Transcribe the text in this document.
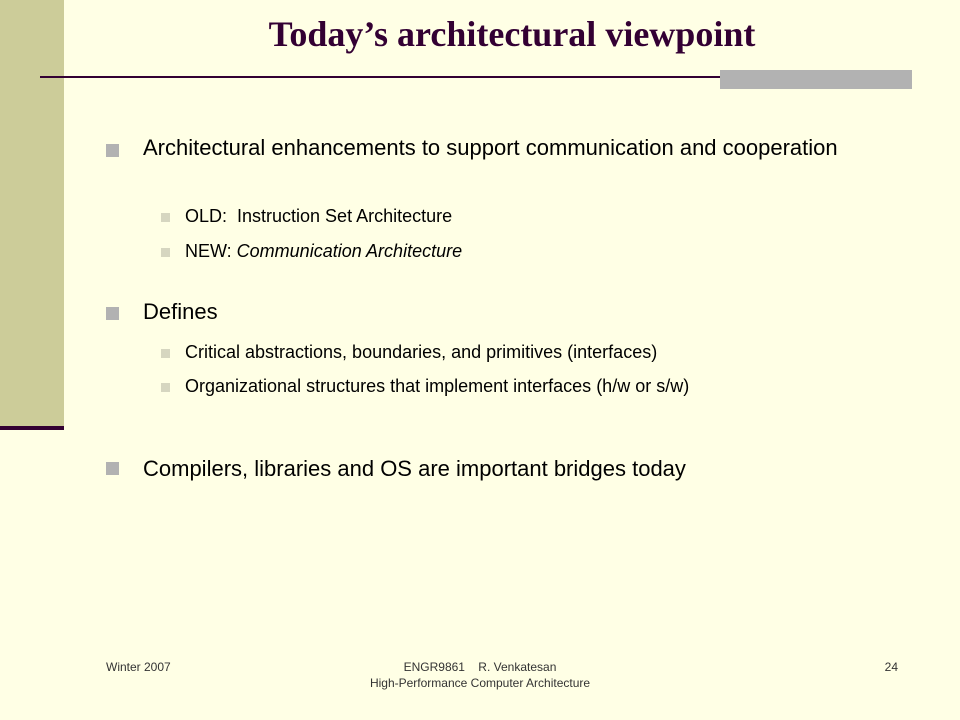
Today’s architectural viewpoint
Architectural enhancements to support communication and cooperation
OLD:  Instruction Set Architecture
NEW: Communication Architecture
Defines
Critical abstractions, boundaries, and primitives (interfaces)
Organizational structures that implement interfaces (h/w or s/w)
Compilers, libraries and OS are important bridges today
Winter 2007	ENGR9861    R. Venkatesan
High-Performance Computer Architecture
24
